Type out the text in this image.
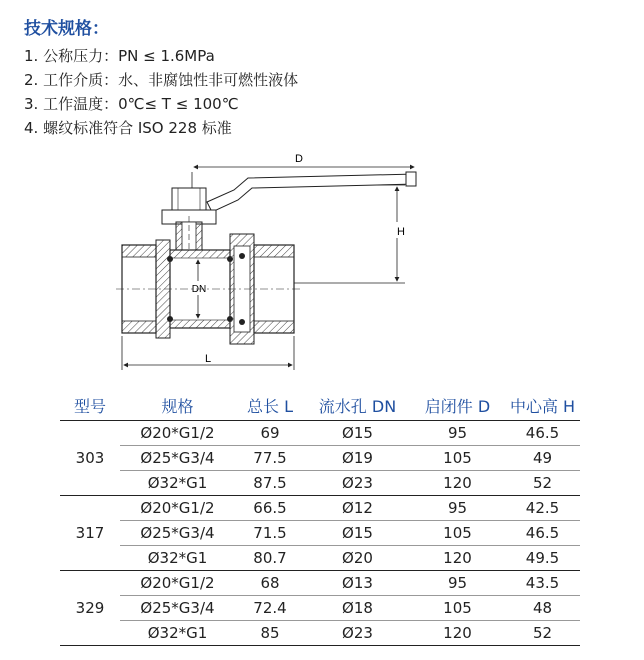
技术规格：
1. 公称压力：PN ≤ 1.6MPa
2. 工作介质：水、非腐蚀性非可燃性液体
3. 工作温度：0℃≤ T ≤ 100℃
4. 螺纹标准符合 ISO 228 标准
D
H
DN
L
型号	规格	总长 L	流水孔 DN	启闭件 D	中心高 H
303	Ø20*G1/2	69	Ø15	95	46.5
	Ø25*G3/4	77.5	Ø19	105	49
	Ø32*G1	87.5	Ø23	120	52
317	Ø20*G1/2	66.5	Ø12	95	42.5
	Ø25*G3/4	71.5	Ø15	105	46.5
	Ø32*G1	80.7	Ø20	120	49.5
329	Ø20*G1/2	68	Ø13	95	43.5
	Ø25*G3/4	72.4	Ø18	105	48
	Ø32*G1	85	Ø23	120	52
